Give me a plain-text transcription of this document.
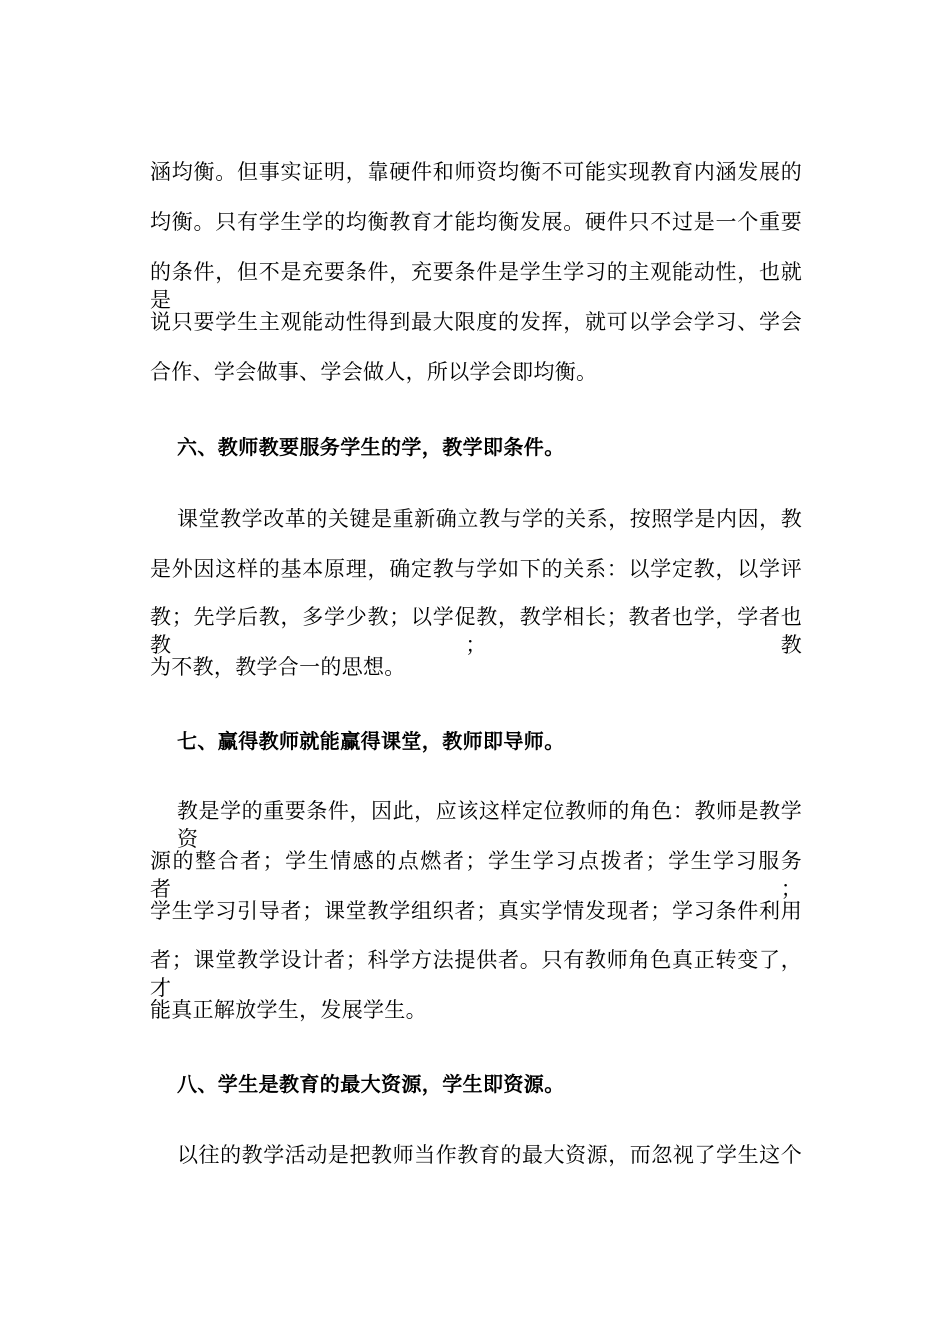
涵均衡。但事实证明，靠硬件和师资均衡不可能实现教育内涵发展的
均衡。只有学生学的均衡教育才能均衡发展。硬件只不过是一个重要
的条件，但不是充要条件，充要条件是学生学习的主观能动性，也就是
说只要学生主观能动性得到最大限度的发挥，就可以学会学习、学会
合作、学会做事、学会做人，所以学会即均衡。
六、教师教要服务学生的学，教学即条件。
课堂教学改革的关键是重新确立教与学的关系，按照学是内因，教
是外因这样的基本原理，确定教与学如下的关系：以学定教，以学评
教；先学后教，多学少教；以学促教，教学相长；教者也学，学者也教；教
为不教，教学合一的思想。
七、赢得教师就能赢得课堂，教师即导师。
教是学的重要条件，因此，应该这样定位教师的角色：教师是教学资
源的整合者；学生情感的点燃者；学生学习点拨者；学生学习服务者；
学生学习引导者；课堂教学组织者；真实学情发现者；学习条件利用
者；课堂教学设计者；科学方法提供者。只有教师角色真正转变了，才
能真正解放学生，发展学生。
八、学生是教育的最大资源，学生即资源。
以往的教学活动是把教师当作教育的最大资源，而忽视了学生这个
